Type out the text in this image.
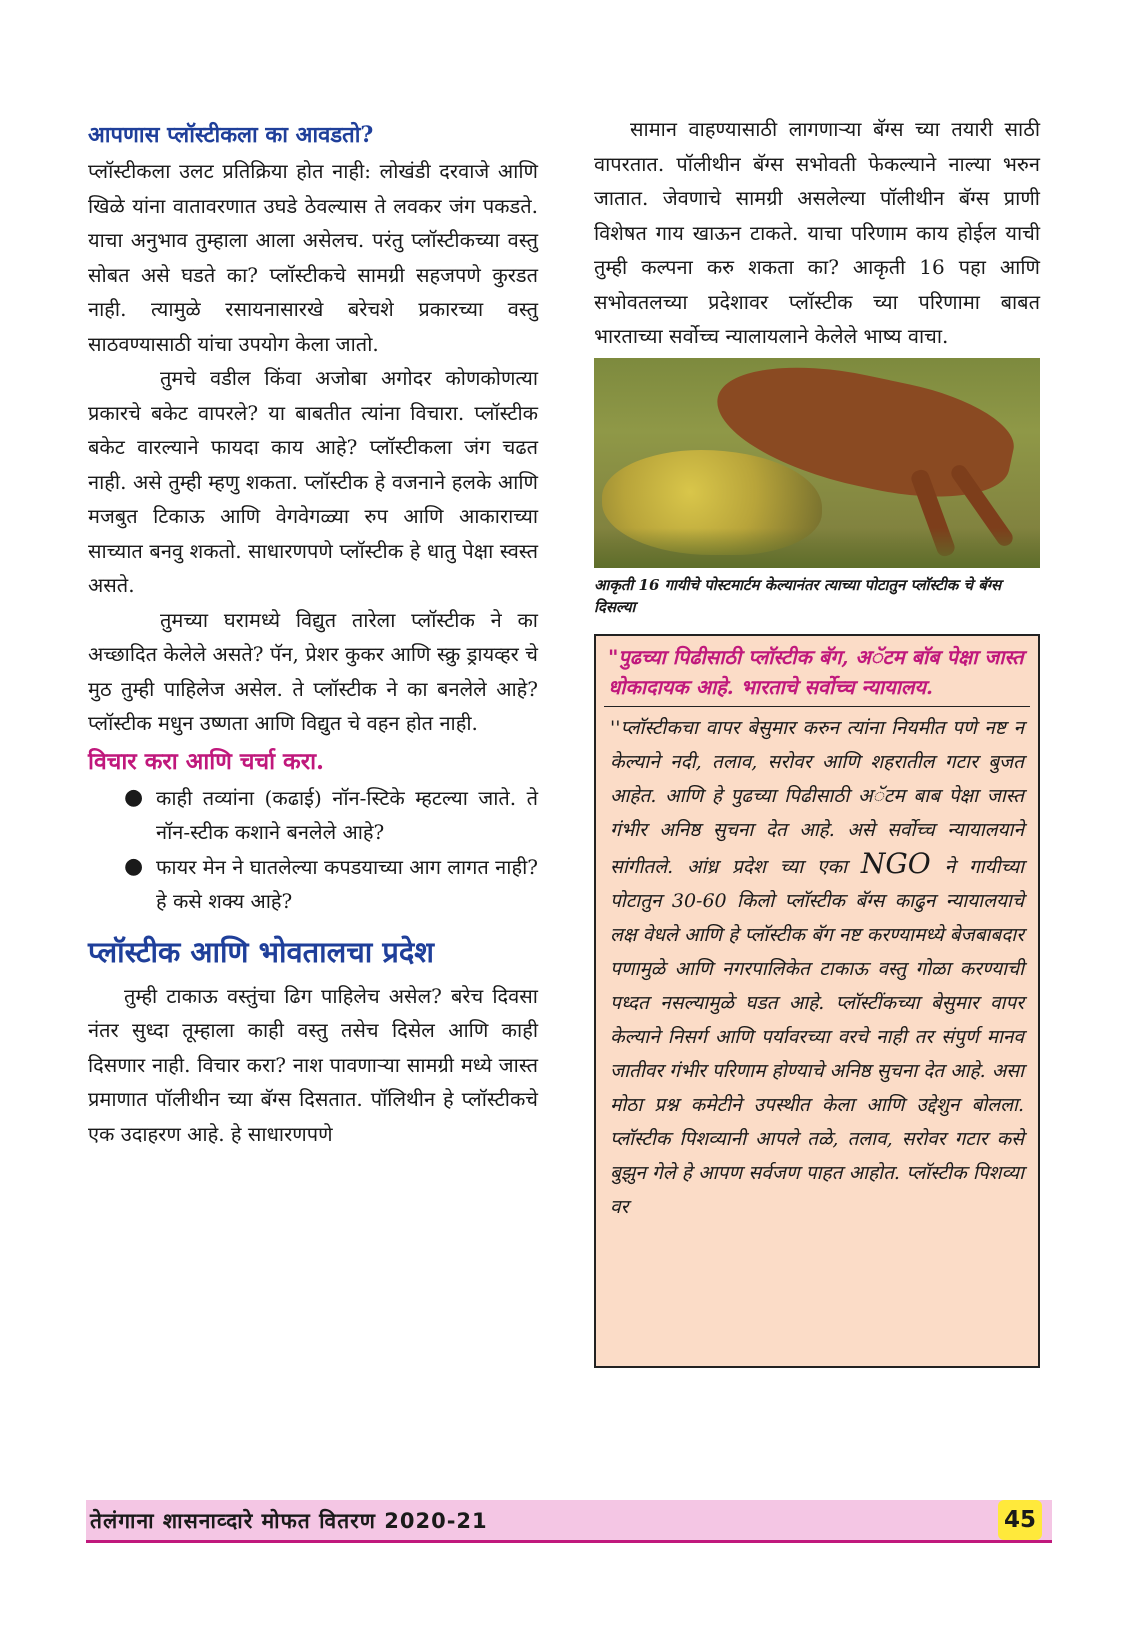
आपणास प्लॉस्टीकला का आवडतो?

प्लॉस्टीकला उलट प्रतिक्रिया होत नाही: लोखंडी दरवाजे आणि खिळे यांना वातावरणात उघडे ठेवल्यास ते लवकर जंग पकडते. याचा अनुभाव तुम्हाला आला असेलच. परंतु प्लॉस्टीकच्या वस्तु सोबत असे घडते का? प्लॉस्टीकचे सामग्री सहजपणे कुरडत नाही. त्यामुळे रसायनासारखे बरेचशे प्रकारच्या वस्तु साठवण्यासाठी यांचा उपयोग केला जातो.

तुमचे वडील किंवा अजोबा अगोदर कोणकोणत्या प्रकारचे बकेट वापरले? या बाबतीत त्यांना विचारा. प्लॉस्टीक बकेट वारल्याने फायदा काय आहे? प्लॉस्टीकला जंग चढत नाही. असे तुम्ही म्हणु शकता. प्लॉस्टीक हे वजनाने हलके आणि मजबुत टिकाऊ आणि वेगवेगळ्या रुप आणि आकाराच्या साच्यात बनवु शकतो. साधारणपणे प्लॉस्टीक हे धातु पेक्षा स्वस्त असते.

तुमच्या घरामध्ये विद्युत तारेला प्लॉस्टीक ने का अच्छादित केलेले असते? पॅन, प्रेशर कुकर आणि स्क्रु ड्रायव्हर चे मुठ तुम्ही पाहिलेज असेल. ते प्लॉस्टीक ने का बनलेले आहे? प्लॉस्टीक मधुन उष्णता आणि विद्युत चे वहन होत नाही.

विचार करा आणि चर्चा करा.
● काही तव्यांना (कढाई) नॉन-स्टिके म्हटल्या जाते. ते नॉन-स्टीक कशाने बनलेले आहे?
● फायर मेन ने घातलेल्या कपडयाच्या आग लागत नाही? हे कसे शक्य आहे?
प्लॉस्टीक आणि भोवतालचा प्रदेश

तुम्ही टाकाऊ वस्तुंचा ढिग पाहिलेच असेल? बरेच दिवसा नंतर सुध्दा तूम्हाला काही वस्तु तसेच दिसेल आणि काही दिसणार नाही. विचार करा? नाश पावणाऱ्या सामग्री मध्ये जास्त प्रमाणात पॉलीथीन च्या बॅग्स दिसतात. पॉलिथीन हे प्लॉस्टीकचे एक उदाहरण आहे. हे साधारणपणे

सामान वाहण्यासाठी लागणाऱ्या बॅग्स च्या तयारी साठी वापरतात. पॉलीथीन बॅग्स सभोवती फेकल्याने नाल्या भरुन जातात. जेवणाचे सामग्री असलेल्या पॉलीथीन बॅग्स प्राणी विशेषत गाय खाऊन टाकते. याचा परिणाम काय होईल याची तुम्ही कल्पना करु शकता का? आकृती 16 पहा आणि सभोवतलच्या प्रदेशावर प्लॉस्टीक च्या परिणामा बाबत भारताच्या सर्वोच्च न्यालायलाने केलेले भाष्य वाचा.

आकृती 16 गायीचे पोस्टमार्टम केल्यानंतर त्याच्या पोटातुन प्लॉस्टीक चे बॅग्स दिसल्या
"पुढच्या पिढीसाठी प्लॉस्टीक बॅग, अॅटम बॉब पेक्षा जास्त धोकादायक आहे. भारताचे सर्वोच्च न्यायालय.
''प्लॉस्टीकचा वापर बेसुमार करुन त्यांना नियमीत पणे नष्ट न केल्याने नदी, तलाव, सरोवर आणि शहरातील गटार बुजत आहेत. आणि हे पुढच्या पिढीसाठी अॅटम बाब पेक्षा जास्त गंभीर अनिष्ठ सुचना देत आहे. असे सर्वोच्च न्यायालयाने सांगीतले. आंध्र प्रदेश च्या एका NGO ने गायीच्या पोटातुन 30-60 किलो प्लॉस्टीक बॅग्स काढुन न्यायालयाचे लक्ष वेधले आणि हे प्लॉस्टीक बॅग नष्ट करण्यामध्ये बेजबाबदार पणामुळे आणि नगरपालिकेत टाकाऊ वस्तु गोळा करण्याची पध्दत नसल्यामुळे घडत आहे. प्लॉस्टींकच्या बेसुमार वापर केल्याने निसर्ग आणि पर्यावरच्या वरचे नाही तर संपुर्ण मानव जातीवर गंभीर परिणाम होण्याचे अनिष्ठ सुचना देत आहे. असा मोठा प्रश्न कमेटीने उपस्थीत केला आणि उद्देशुन बोलला. प्लॉस्टीक पिशव्यानी आपले तळे, तलाव, सरोवर गटार कसे बुझुन गेले हे आपण सर्वजण पाहत आहोत. प्लॉस्टीक पिशव्या वर
तेलंगाना शासनाव्दारे मोफत वितरण 2020-21	45
